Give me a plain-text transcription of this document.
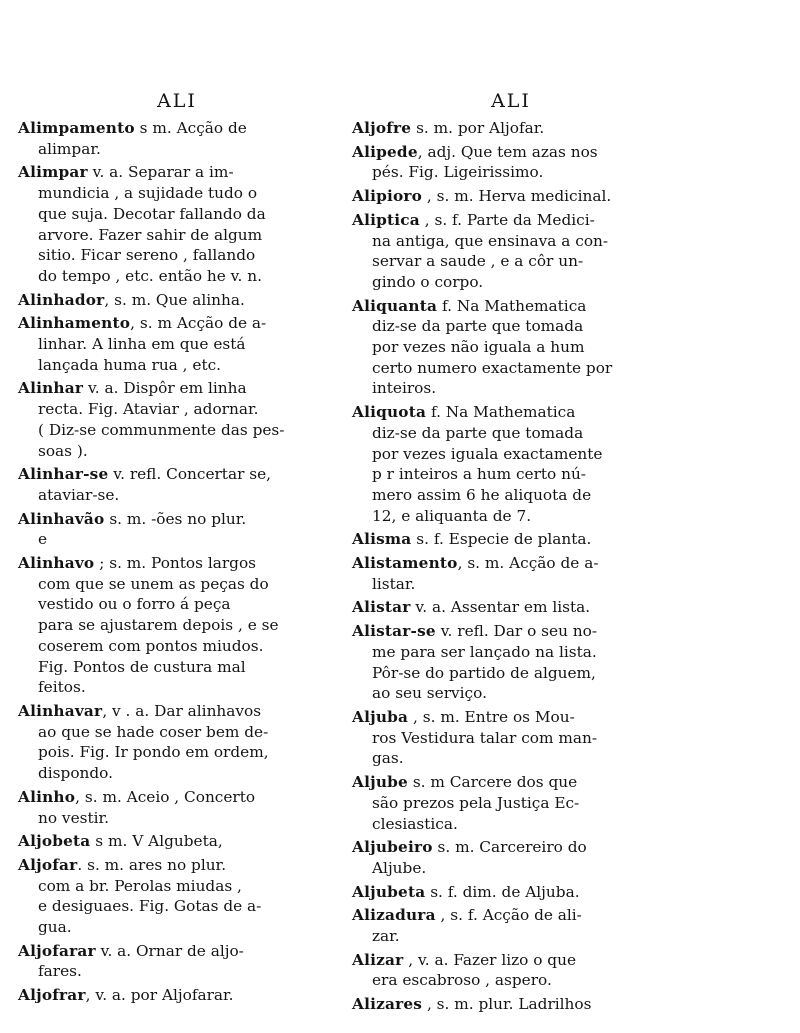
ALI
Alimpamento s m. Acção de
alimpar.
Alimpar v. a. Separar a im-
mundicia , a sujidade tudo o
que suja. Decotar fallando da
arvore. Fazer sahir de algum
sitio. Ficar sereno , fallando
do tempo , etc. então he v. n.
Alinhador, s. m. Que alinha.
Alinhamento, s. m Acção de a-
linhar. A linha em que está
lançada huma rua , etc.
Alinhar v. a. Dispôr em linha
recta. Fig. Ataviar , adornar.
( Diz-se communmente das pes-
soas ).
Alinhar-se v. refl. Concertar se,
ataviar-se.
Alinhavão s. m. -ões no plur.
e
Alinhavo ; s. m. Pontos largos
com que se unem as peças do
vestido ou o forro á peça
para se ajustarem depois , e se
coserem com pontos miudos.
Fig. Pontos de custura mal
feitos.
Alinhavar, v . a. Dar alinhavos
ao que se hade coser bem de-
pois. Fig. Ir pondo em ordem,
dispondo.
Alinho, s. m. Aceio , Concerto
no vestir.
Aljobeta s m. V Algubeta,
Aljofar. s. m. ares no plur.
com a br. Perolas miudas ,
e desiguaes. Fig. Gotas de a-
gua.
Aljofarar v. a. Ornar de aljo-
fares.
Aljofrar, v. a. por Aljofarar.
ALI
Aljofre s. m. por Aljofar.
Alipede, adj. Que tem azas nos
pés. Fig. Ligeirissimo.
Alipioro , s. m. Herva medicinal.
Aliptica , s. f. Parte da Medici-
na antiga, que ensinava a con-
servar a saude , e a côr un-
gindo o corpo.
Aliquanta f. Na Mathematica
diz-se da parte que tomada
por vezes não iguala a hum
certo numero exactamente por
inteiros.
Aliquota f. Na Mathematica
diz-se da parte que tomada
por vezes iguala exactamente
p r inteiros a hum certo nú-
mero assim 6 he aliquota de
12, e aliquanta de 7.
Alisma s. f. Especie de planta.
Alistamento, s. m. Acção de a-
listar.
Alistar v. a. Assentar em lista.
Alistar-se v. refl. Dar o seu no-
me para ser lançado na lista.
Pôr-se do partido de alguem,
ao seu serviço.
Aljuba , s. m. Entre os Mou-
ros Vestidura talar com man-
gas.
Aljube s. m Carcere dos que
são prezos pela Justiça Ec-
clesiastica.
Aljubeiro s. m. Carcereiro do
Aljube.
Aljubeta s. f. dim. de Aljuba.
Alizadura , s. f. Acção de ali-
zar.
Alizar , v. a. Fazer lizo o que
era escabroso , aspero.
Alizares , s. m. plur. Ladrilhos
